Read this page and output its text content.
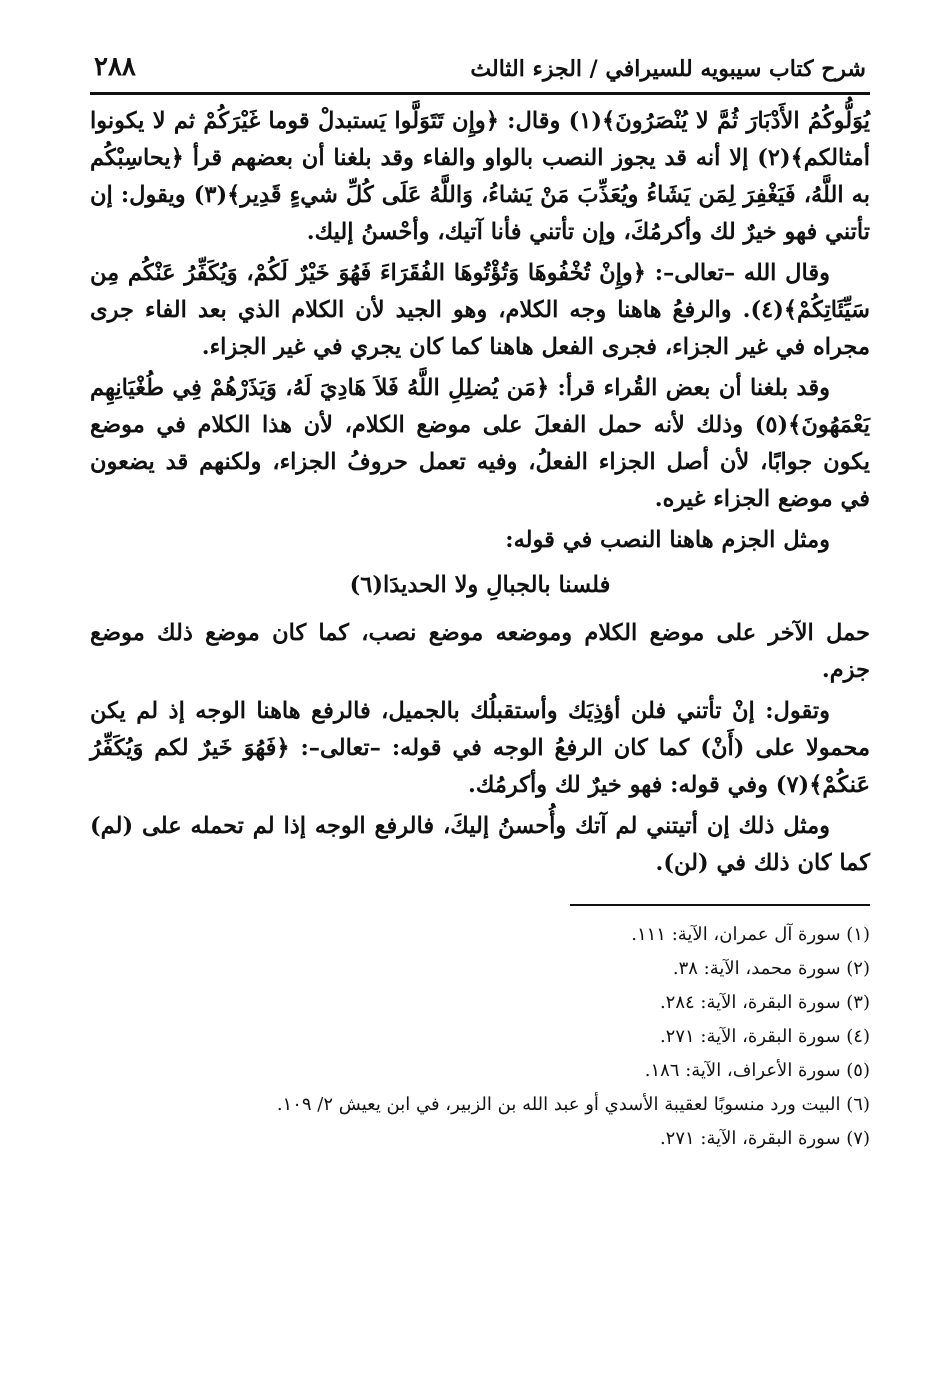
شرح كتاب سيبويه للسيرافي / الجزء الثالث
٢٨٨

يُوَلُّوكُمُ الأَدْبَارَ ثُمَّ لا يُنْصَرُونَ﴾(١) وقال: ﴿وإِن تَتَوَلَّوا يَستبدلْ قوما غَيْرَكُمْ ثم لا يكونوا أمثالكم﴾(٢) إلا أنه قد يجوز النصب بالواو والفاء وقد بلغنا أن بعضهم قرأ ﴿يحاسِبْكُم به اللَّهُ، فَيَغْفِرَ لِمَن يَشَاءُ ويُعَذِّبَ مَنْ يَشاءُ، وَاللَّهُ عَلَى كُلِّ شيءٍ قَدِير﴾(٣) ويقول: إن تأتني فهو خيرٌ لك وأكرمُكَ، وإن تأتني فأنا آتيك، وأحْسنُ إليك.

وقال الله –تعالى–: ﴿وإِنْ تُخْفُوهَا وَتُؤْتُوهَا الفُقَرَاءَ فَهُوَ خَيْرٌ لَكُمْ، وَيُكَفِّرُ عَنْكُم مِن سَيِّئَاتِكُمْ﴾(٤). والرفعُ هاهنا وجه الكلام، وهو الجيد لأن الكلام الذي بعد الفاء جرى مجراه في غير الجزاء، فجرى الفعل هاهنا كما كان يجري في غير الجزاء.

وقد بلغنا أن بعض القُراء قرأ: ﴿مَن يُضلِلِ اللَّهُ فَلاَ هَادِيَ لَهُ، وَيَذَرْهُمْ فِي طُغْيَانِهِم يَعْمَهُونَ﴾(٥) وذلك لأنه حمل الفعلَ على موضع الكلام، لأن هذا الكلام في موضع يكون جوابًا، لأن أصل الجزاء الفعلُ، وفيه تعمل حروفُ الجزاء، ولكنهم قد يضعون في موضع الجزاء غيره.

ومثل الجزم هاهنا النصب في قوله:

فلسنا بالجبالِ ولا الحديدَا(٦)

حمل الآخر على موضع الكلام وموضعه موضع نصب، كما كان موضع ذلك موضع جزم.

وتقول: إنْ تأتني فلن أؤذِيَك وأستقبلُك بالجميل، فالرفع هاهنا الوجه إذ لم يكن محمولا على (أَنْ) كما كان الرفعُ الوجه في قوله: –تعالى–: ﴿فَهُوَ خَيرٌ لكم وَيُكَفِّرُ عَنكُمْ﴾(٧) وفي قوله: فهو خيرٌ لك وأكرمُك.

ومثل ذلك إن أتيتني لم آتك وأُحسنُ إليكَ، فالرفع الوجه إذا لم تحمله على (لم) كما كان ذلك في (لن).

(١) سورة آل عمران، الآية: ١١١.

(٢) سورة محمد، الآية: ٣٨.

(٣) سورة البقرة، الآية: ٢٨٤.

(٤) سورة البقرة، الآية: ٢٧١.

(٥) سورة الأعراف، الآية: ١٨٦.

(٦) البيت ورد منسوبًا لعقيبة الأسدي أو عبد الله بن الزبير، في ابن يعيش ٢/ ١٠٩.

(٧) سورة البقرة، الآية: ٢٧١.
